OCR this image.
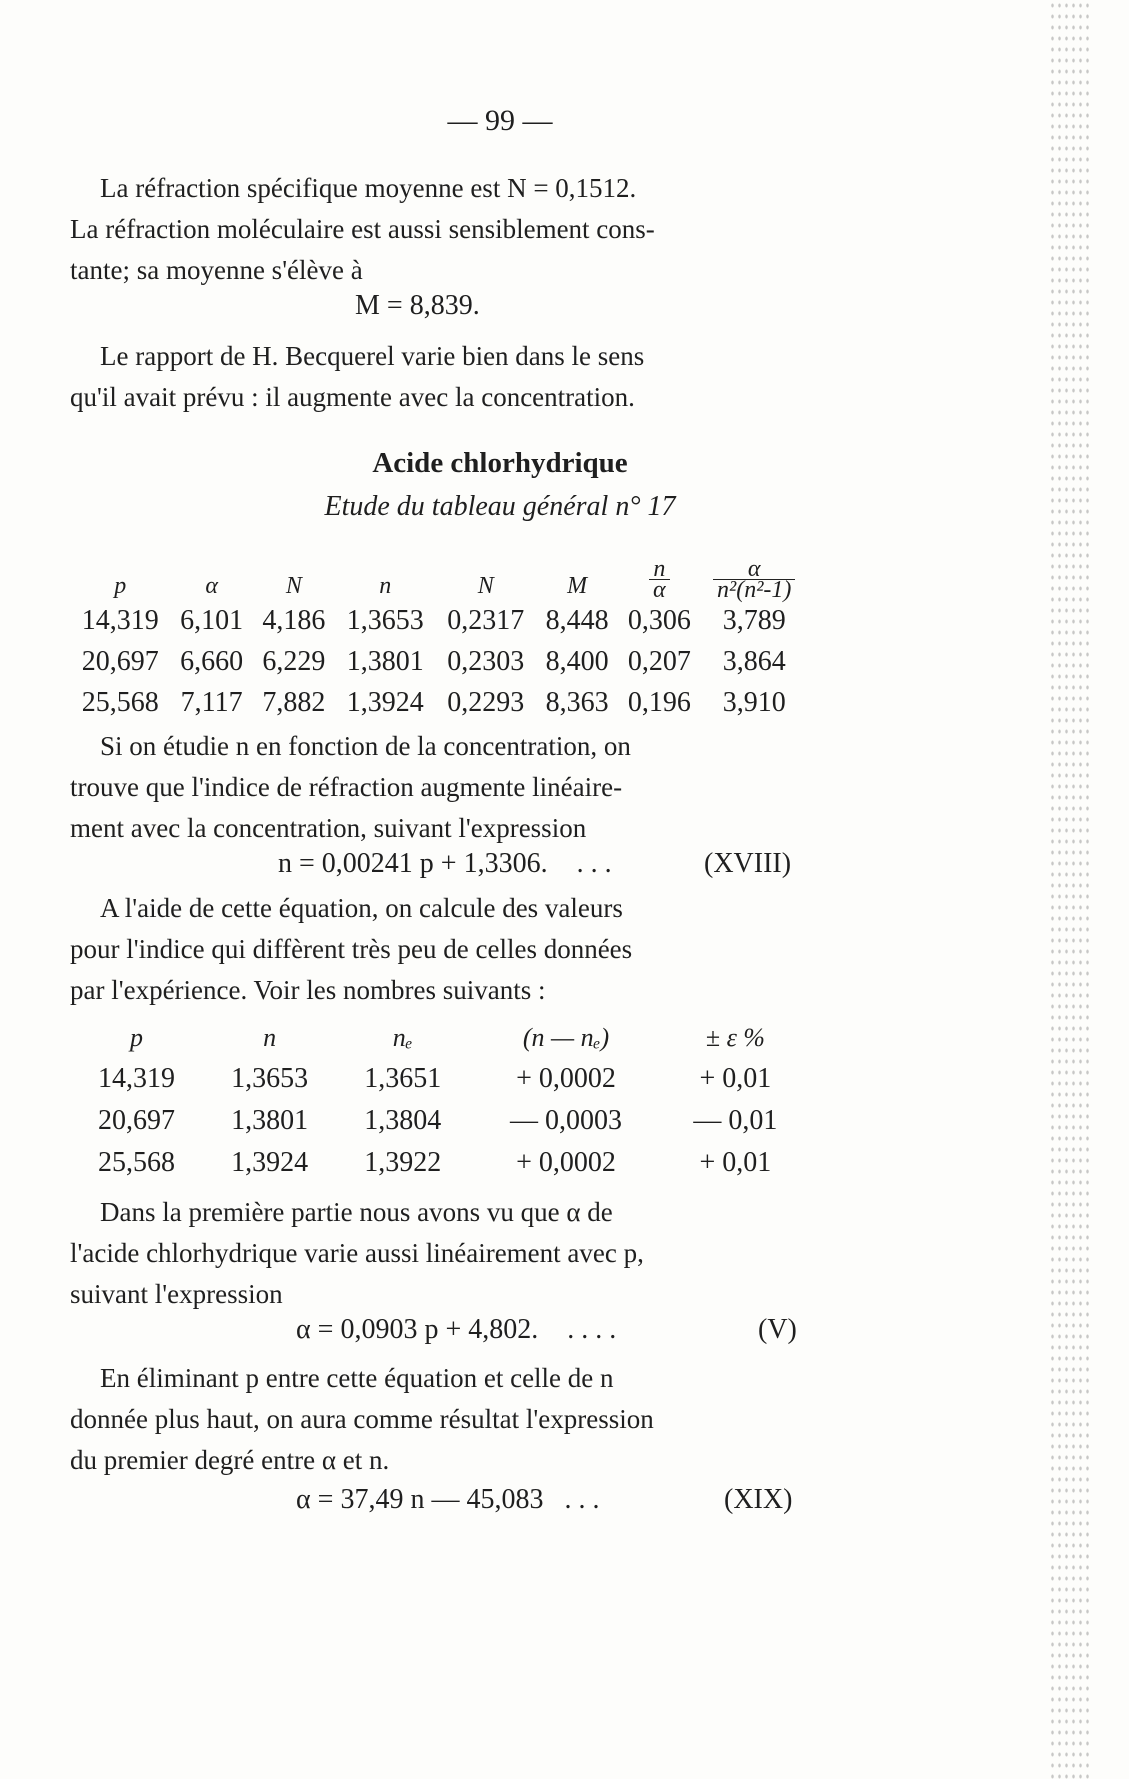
— 99 —
La réfraction spécifique moyenne est N = 0,1512.
La réfraction moléculaire est aussi sensiblement cons-
tante; sa moyenne s'élève à
M = 8,839.
Le rapport de H. Becquerel varie bien dans le sens
qu'il avait prévu : il augmente avec la concentration.
Acide chlorhydrique
Etude du tableau général n° 17
p	α	N	n	N	M	$\frac{n}{\alpha}$	$\frac{\alpha}{\text{n²(n²-1)}}$

14,319	6,101	4,186	1,3653	0,2317	8,448	0,306	3,789
20,697	6,660	6,229	1,3801	0,2303	8,400	0,207	3,864
25,568	7,117	7,882	1,3924	0,2293	8,363	0,196	3,910
Si on étudie n en fonction de la concentration, on
trouve que l'indice de réfraction augmente linéaire-
ment avec la concentration, suivant l'expression
n = 0,00241 p + 1,3306. . . .	(XVIII)
A l'aide de cette équation, on calcule des valeurs
pour l'indice qui diffèrent très peu de celles données
par l'expérience. Voir les nombres suivants :
p	n	nₑ	(n — nₑ)	± ε %
14,319	1,3653	1,3651	+ 0,0002	+ 0,01
20,697	1,3801	1,3804	— 0,0003	— 0,01
25,568	1,3924	1,3922	+ 0,0002	+ 0,01
Dans la première partie nous avons vu que α de
l'acide chlorhydrique varie aussi linéairement avec p,
suivant l'expression
α = 0,0903 p + 4,802. . . . .	(V)
En éliminant p entre cette équation et celle de n
donnée plus haut, on aura comme résultat l'expression
du premier degré entre α et n.
α = 37,49 n — 45,083 . . .	(XIX)
